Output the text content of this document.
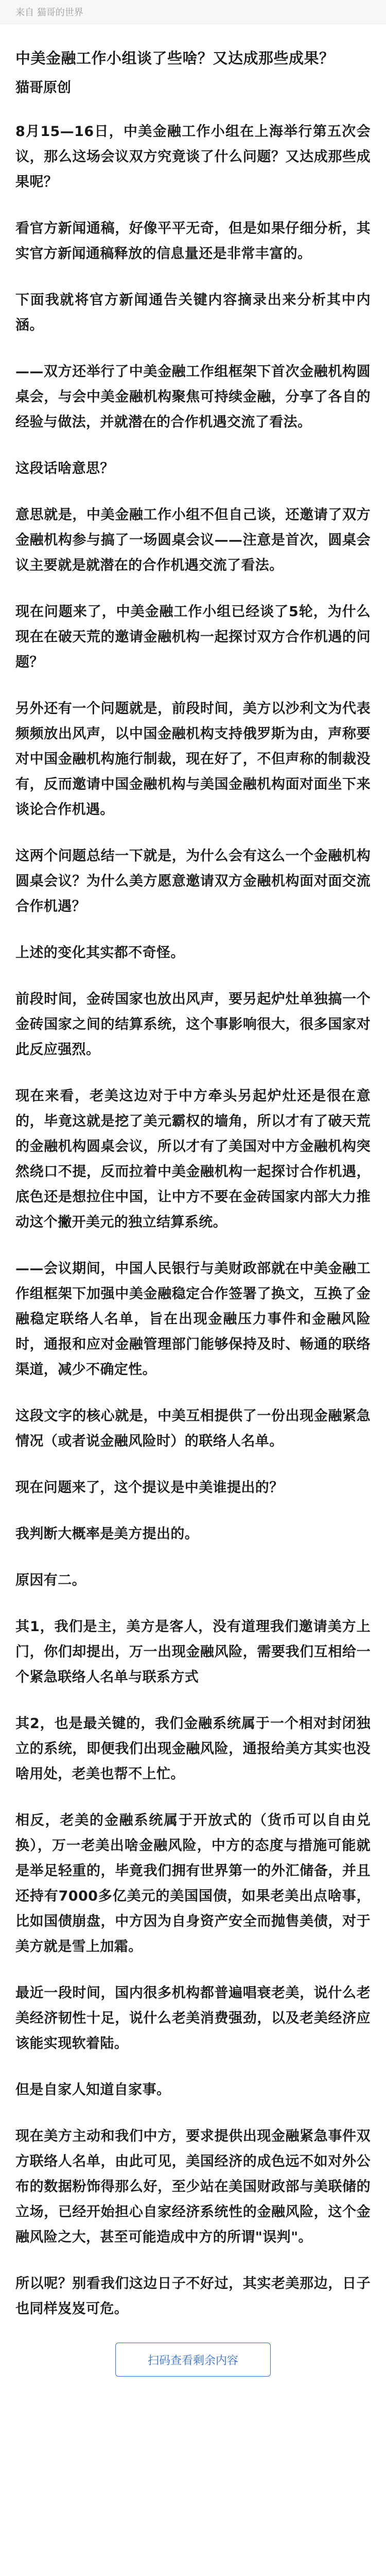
来自 猫哥的世界
中美金融工作小组谈了些啥？又达成那些成果？
猫哥原创

8月15—16日，中美金融工作小组在上海举行第五次会议，那么这场会议双方究竟谈了什么问题？又达成那些成果呢？

看官方新闻通稿，好像平平无奇，但是如果仔细分析，其实官方新闻通稿释放的信息量还是非常丰富的。

下面我就将官方新闻通告关键内容摘录出来分析其中内涵。

——双方还举行了中美金融工作组框架下首次金融机构圆桌会，与会中美金融机构聚焦可持续金融，分享了各自的经验与做法，并就潜在的合作机遇交流了看法。

这段话啥意思？

意思就是，中美金融工作小组不但自己谈，还邀请了双方金融机构参与搞了一场圆桌会议——注意是首次，圆桌会议主要就是就潜在的合作机遇交流了看法。

现在问题来了，中美金融工作小组已经谈了5轮，为什么现在在破天荒的邀请金融机构一起探讨双方合作机遇的问题？

另外还有一个问题就是，前段时间，美方以沙利文为代表频频放出风声，以中国金融机构支持俄罗斯为由，声称要对中国金融机构施行制裁，现在好了，不但声称的制裁没有，反而邀请中国金融机构与美国金融机构面对面坐下来谈论合作机遇。

这两个问题总结一下就是，为什么会有这么一个金融机构圆桌会议？为什么美方愿意邀请双方金融机构面对面交流合作机遇？

上述的变化其实都不奇怪。

前段时间，金砖国家也放出风声，要另起炉灶单独搞一个金砖国家之间的结算系统，这个事影响很大，很多国家对此反应强烈。

现在来看，老美这边对于中方牵头另起炉灶还是很在意的，毕竟这就是挖了美元霸权的墙角，所以才有了破天荒的金融机构圆桌会议，所以才有了美国对中方金融机构突然绕口不提，反而拉着中美金融机构一起探讨合作机遇，底色还是想拉住中国，让中方不要在金砖国家内部大力推动这个撇开美元的独立结算系统。

——会议期间，中国人民银行与美财政部就在中美金融工作组框架下加强中美金融稳定合作签署了换文，互换了金融稳定联络人名单，旨在出现金融压力事件和金融风险时，通报和应对金融管理部门能够保持及时、畅通的联络渠道，减少不确定性。

这段文字的核心就是，中美互相提供了一份出现金融紧急情况（或者说金融风险时）的联络人名单。

现在问题来了，这个提议是中美谁提出的？

我判断大概率是美方提出的。

原因有二。

其1，我们是主，美方是客人，没有道理我们邀请美方上门，你们却提出，万一出现金融风险，需要我们互相给一个紧急联络人名单与联系方式

其2，也是最关键的，我们金融系统属于一个相对封闭独立的系统，即便我们出现金融风险，通报给美方其实也没啥用处，老美也帮不上忙。

相反，老美的金融系统属于开放式的（货币可以自由兑换），万一老美出啥金融风险，中方的态度与措施可能就是举足轻重的，毕竟我们拥有世界第一的外汇储备，并且还持有7000多亿美元的美国国债，如果老美出点啥事，比如国债崩盘，中方因为自身资产安全而抛售美债，对于美方就是雪上加霜。

最近一段时间，国内很多机构都普遍唱衰老美，说什么老美经济韧性十足，说什么老美消费强劲，以及老美经济应该能实现软着陆。

但是自家人知道自家事。

现在美方主动和我们中方，要求提供出现金融紧急事件双方联络人名单，由此可见，美国经济的成色远不如对外公布的数据粉饰得那么好，至少站在美国财政部与美联储的立场，已经开始担心自家经济系统性的金融风险，这个金融风险之大，甚至可能造成中方的所谓"误判"。

所以呢？别看我们这边日子不好过，其实老美那边，日子也同样岌岌可危。

扫码查看剩余内容
